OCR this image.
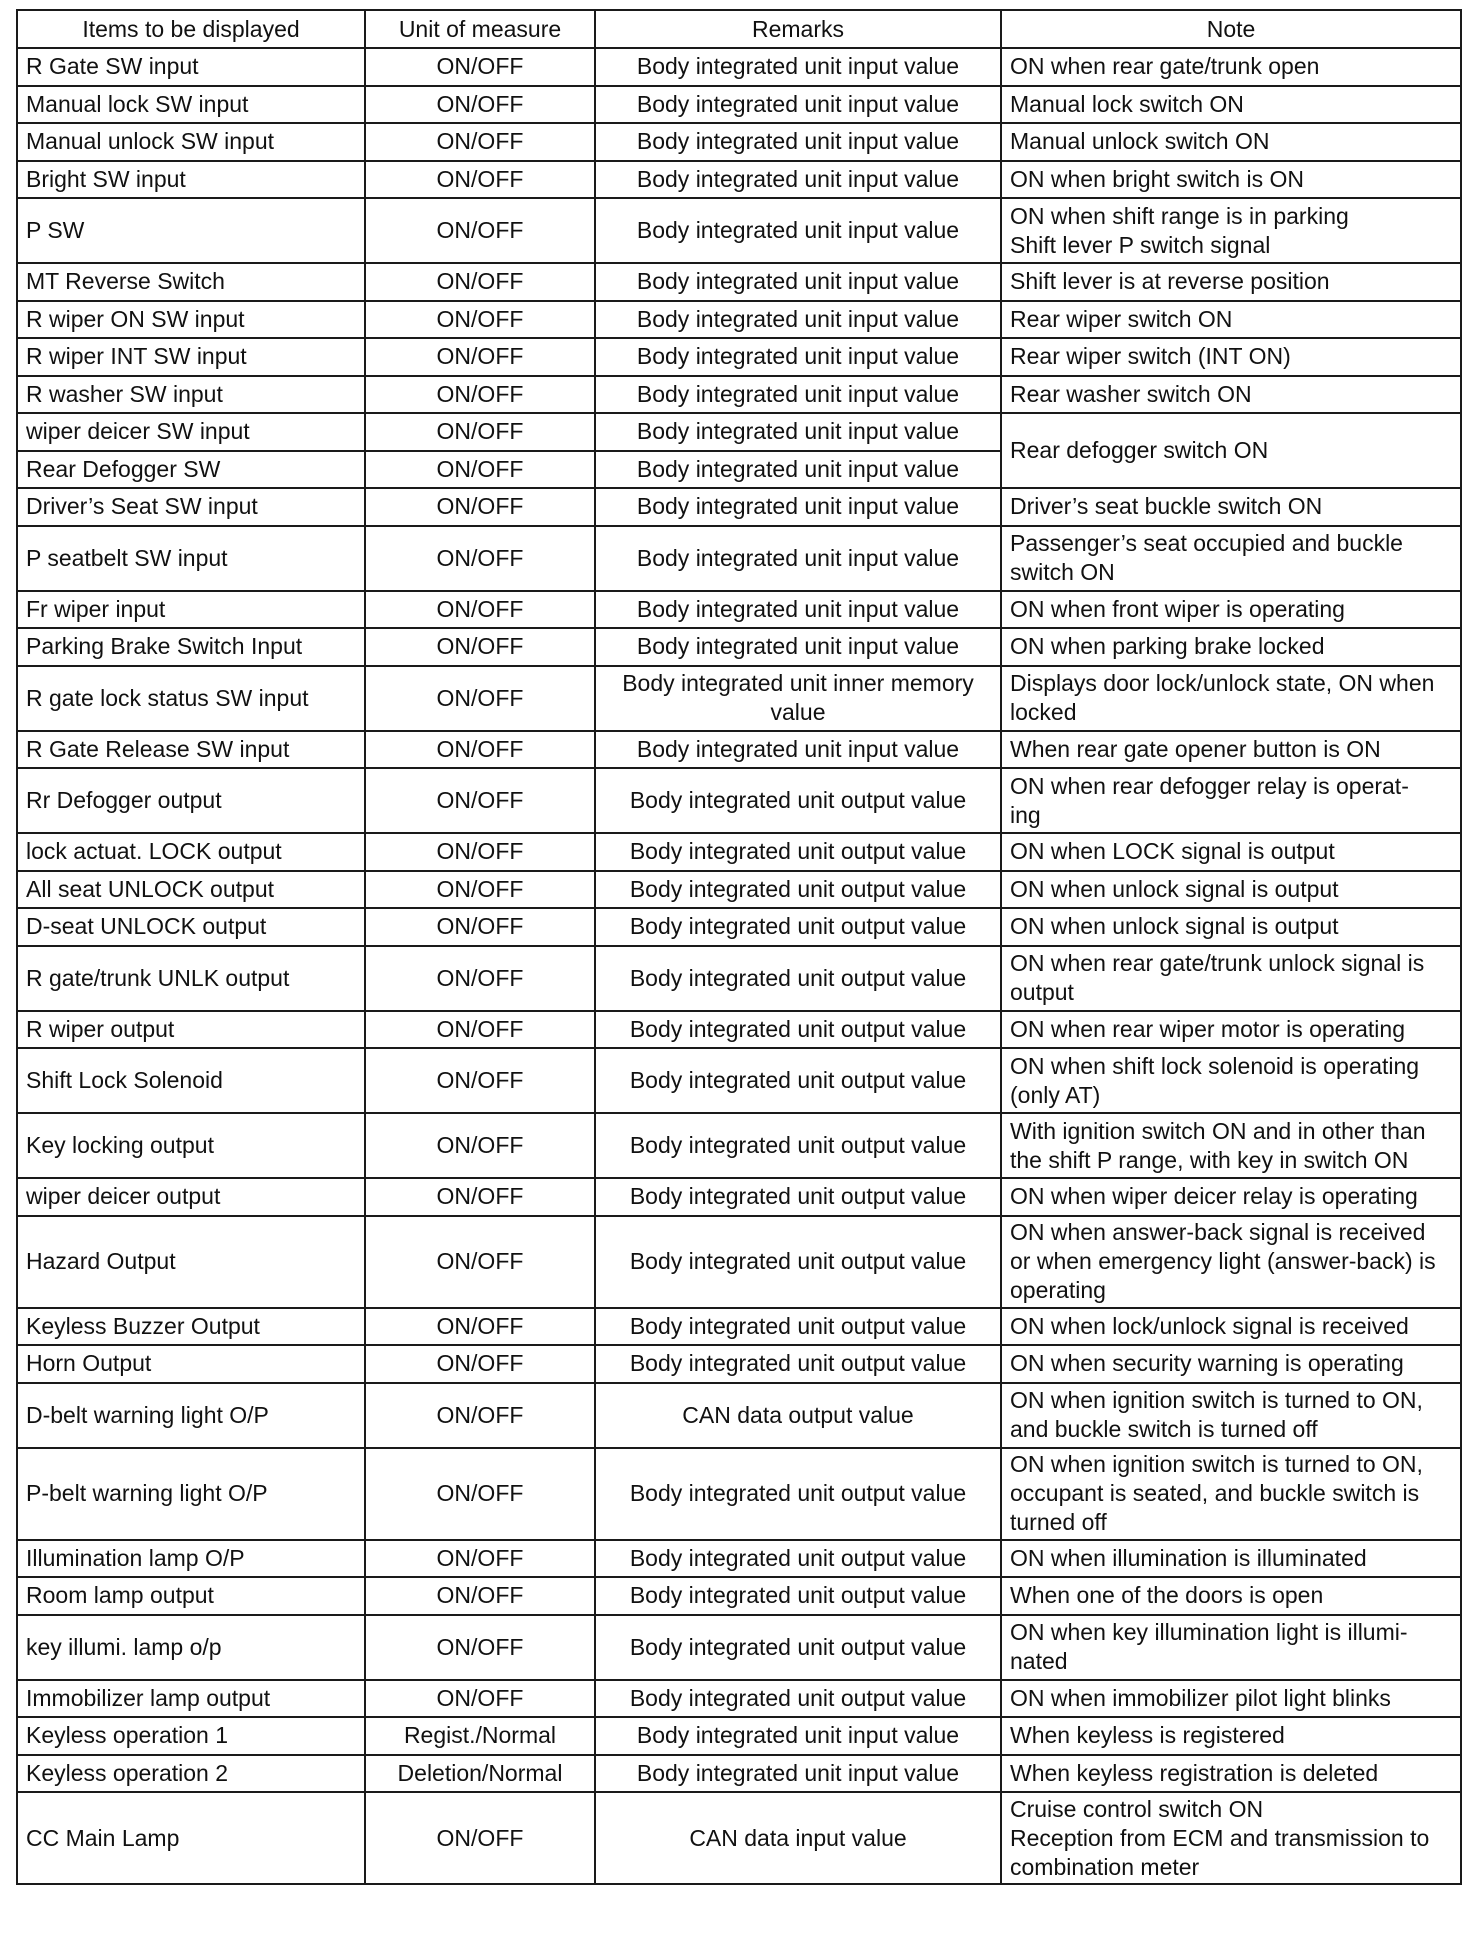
Items to be displayed	Unit of measure	Remarks	Note
R Gate SW input	ON/OFF	Body integrated unit input value	ON when rear gate/trunk open
Manual lock SW input	ON/OFF	Body integrated unit input value	Manual lock switch ON
Manual unlock SW input	ON/OFF	Body integrated unit input value	Manual unlock switch ON
Bright SW input	ON/OFF	Body integrated unit input value	ON when bright switch is ON
P SW	ON/OFF	Body integrated unit input value	ON when shift range is in parking
Shift lever P switch signal
MT Reverse Switch	ON/OFF	Body integrated unit input value	Shift lever is at reverse position
R wiper ON SW input	ON/OFF	Body integrated unit input value	Rear wiper switch ON
R wiper INT SW input	ON/OFF	Body integrated unit input value	Rear wiper switch (INT ON)
R washer SW input	ON/OFF	Body integrated unit input value	Rear washer switch ON
wiper deicer SW input	ON/OFF	Body integrated unit input value	Rear defogger switch ON
Rear Defogger SW	ON/OFF	Body integrated unit input value	
Driver’s Seat SW input	ON/OFF	Body integrated unit input value	Driver’s seat buckle switch ON
P seatbelt SW input	ON/OFF	Body integrated unit input value	Passenger’s seat occupied and buckle switch ON
Fr wiper input	ON/OFF	Body integrated unit input value	ON when front wiper is operating
Parking Brake Switch Input	ON/OFF	Body integrated unit input value	ON when parking brake locked
R gate lock status SW input	ON/OFF	Body integrated unit inner memory value	Displays door lock/unlock state, ON when locked
R Gate Release SW input	ON/OFF	Body integrated unit input value	When rear gate opener button is ON
Rr Defogger output	ON/OFF	Body integrated unit output value	ON when rear defogger relay is operat-
ing
lock actuat. LOCK output	ON/OFF	Body integrated unit output value	ON when LOCK signal is output
All seat UNLOCK output	ON/OFF	Body integrated unit output value	ON when unlock signal is output
D-seat UNLOCK output	ON/OFF	Body integrated unit output value	ON when unlock signal is output
R gate/trunk UNLK output	ON/OFF	Body integrated unit output value	ON when rear gate/trunk unlock signal is output
R wiper output	ON/OFF	Body integrated unit output value	ON when rear wiper motor is operating
Shift Lock Solenoid	ON/OFF	Body integrated unit output value	ON when shift lock solenoid is operating (only AT)
Key locking output	ON/OFF	Body integrated unit output value	With ignition switch ON and in other than the shift P range, with key in switch ON
wiper deicer output	ON/OFF	Body integrated unit output value	ON when wiper deicer relay is operating
Hazard Output	ON/OFF	Body integrated unit output value	ON when answer-back signal is received or when emergency light (answer-back) is operating
Keyless Buzzer Output	ON/OFF	Body integrated unit output value	ON when lock/unlock signal is received
Horn Output	ON/OFF	Body integrated unit output value	ON when security warning is operating
D-belt warning light O/P	ON/OFF	CAN data output value	ON when ignition switch is turned to ON, and buckle switch is turned off
P-belt warning light O/P	ON/OFF	Body integrated unit output value	ON when ignition switch is turned to ON, occupant is seated, and buckle switch is turned off
Illumination lamp O/P	ON/OFF	Body integrated unit output value	ON when illumination is illuminated
Room lamp output	ON/OFF	Body integrated unit output value	When one of the doors is open
key illumi. lamp o/p	ON/OFF	Body integrated unit output value	ON when key illumination light is illumi-
nated
Immobilizer lamp output	ON/OFF	Body integrated unit output value	ON when immobilizer pilot light blinks
Keyless operation 1	Regist./Normal	Body integrated unit input value	When keyless is registered
Keyless operation 2	Deletion/Normal	Body integrated unit input value	When keyless registration is deleted
CC Main Lamp	ON/OFF	CAN data input value	Cruise control switch ON
Reception from ECM and transmission to combination meter
